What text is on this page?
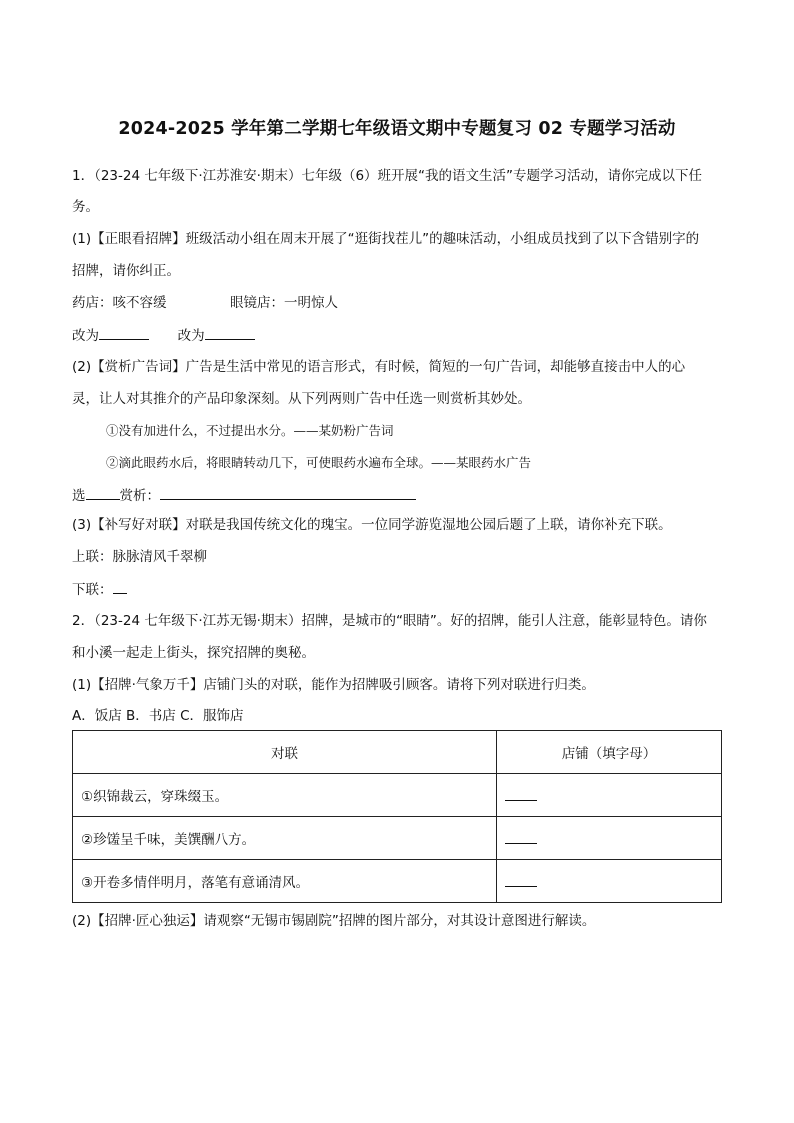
2024-2025 学年第二学期七年级语文期中专题复习 02 专题学习活动
1．（23-24 七年级下·江苏淮安·期末）七年级（6）班开展“我的语文生活”专题学习活动，请你完成以下任
务。
(1)【正眼看招牌】班级活动小组在周末开展了“逛街找茬儿”的趣味活动，小组成员找到了以下含错别字的
招牌，请你纠正。
药店：咳不容缓	眼镜店：一明惊人
改为	改为
(2)【赏析广告词】广告是生活中常见的语言形式，有时候，简短的一句广告词，却能够直接击中人的心
灵，让人对其推介的产品印象深刻。从下列两则广告中任选一则赏析其妙处。
①没有加进什么，不过提出水分。——某奶粉广告词
②滴此眼药水后，将眼睛转动几下，可使眼药水遍布全球。——某眼药水广告
选	赏析：
(3)【补写好对联】对联是我国传统文化的瑰宝。一位同学游览湿地公园后题了上联，请你补充下联。
上联：脉脉清风千翠柳
下联：
2．（23-24 七年级下·江苏无锡·期末）招牌，是城市的“眼睛”。好的招牌，能引人注意，能彰显特色。请你
和小溪一起走上街头，探究招牌的奥秘。
(1)【招牌·气象万千】店铺门头的对联，能作为招牌吸引顾客。请将下列对联进行归类。
A．饭店 B．书店 C．服饰店
对联	店铺（填字母）
①织锦裁云，穿珠缀玉。	
②珍馐呈千味，美馔酬八方。	
③开卷多情伴明月，落笔有意诵清风。	
(2)【招牌·匠心独运】请观察“无锡市锡剧院”招牌的图片部分，对其设计意图进行解读。
